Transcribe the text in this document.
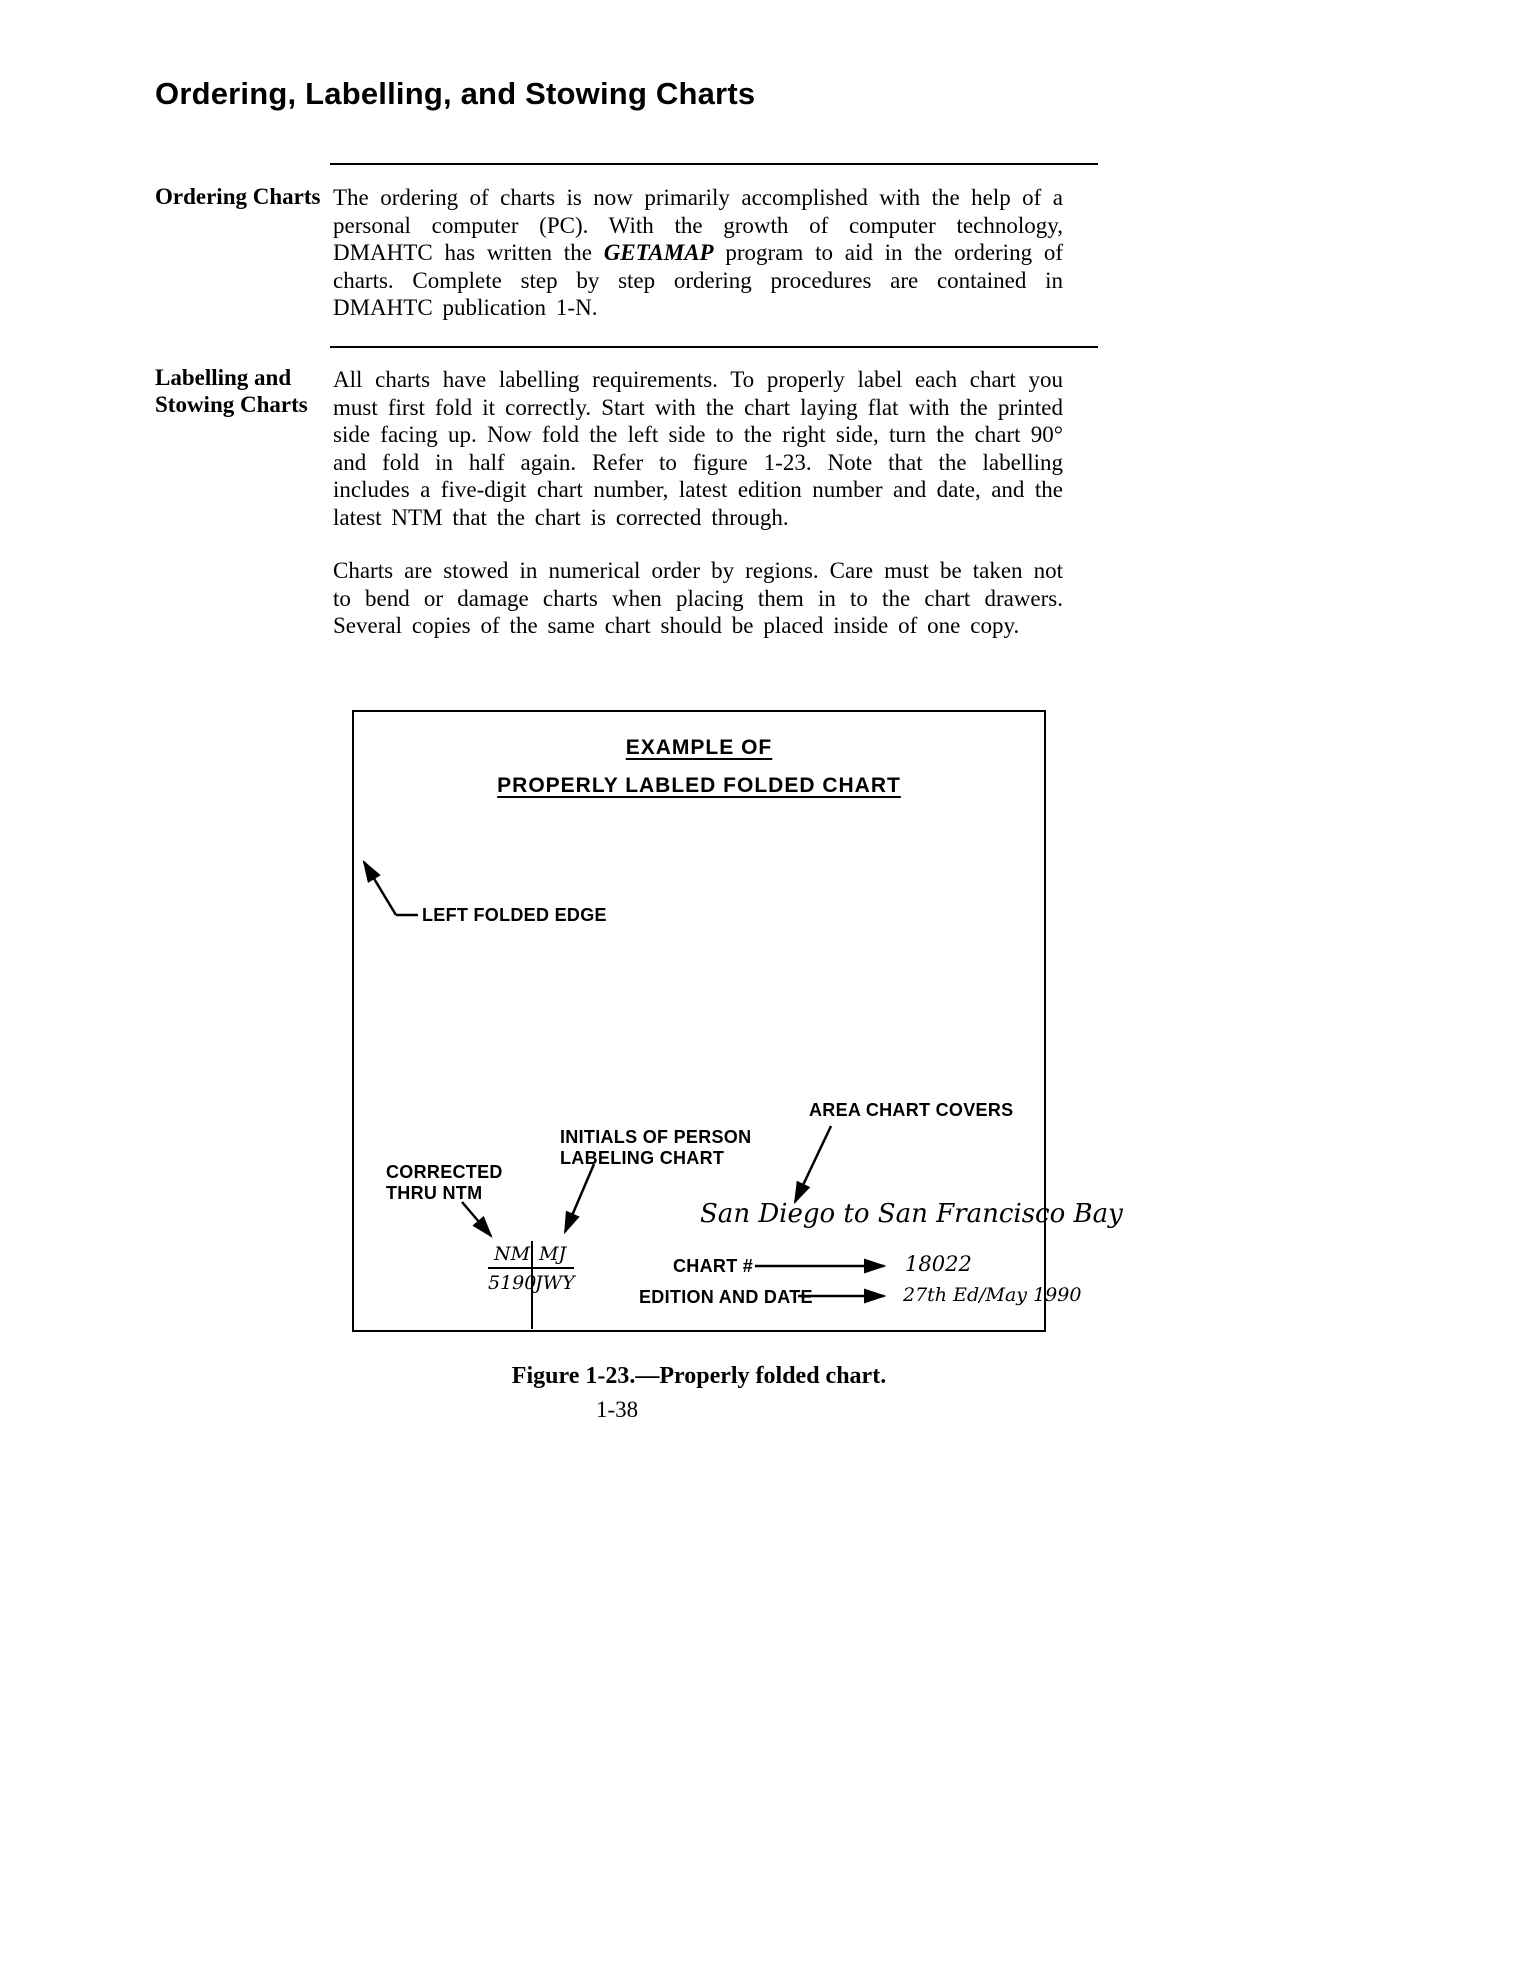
Ordering, Labelling, and Stowing Charts
Ordering Charts The ordering of charts is now primarily accomplished with the help of a personal computer (PC). With the growth of computer technology, DMAHTC has written the GETAMAP program to aid in the ordering of charts. Complete step by step ordering procedures are contained in DMAHTC publication 1-N.

Labelling and Stowing Charts

All charts have labelling requirements. To properly label each chart you must first fold it correctly. Start with the chart laying flat with the printed side facing up. Now fold the left side to the right side, turn the chart 90° and fold in half again. Refer to figure 1-23. Note that the labelling includes a five-digit chart number, latest edition number and date, and the latest NTM that the chart is corrected through.

Charts are stowed in numerical order by regions. Care must be taken not to bend or damage charts when placing them in to the chart drawers. Several copies of the same chart should be placed inside of one copy.

EXAMPLE OF
PROPERLY LABLED FOLDED CHART
LEFT FOLDED EDGE
AREA CHART COVERS
INITIALS OF PERSON
LABELING CHART
CORRECTED
THRU NTM
San Diego to San Francisco Bay
NM MJ
5190
JWY
CHART #	18022
EDITION AND DATE	27th Ed/May 1990
Figure 1-23.—Properly folded chart.
1-38
